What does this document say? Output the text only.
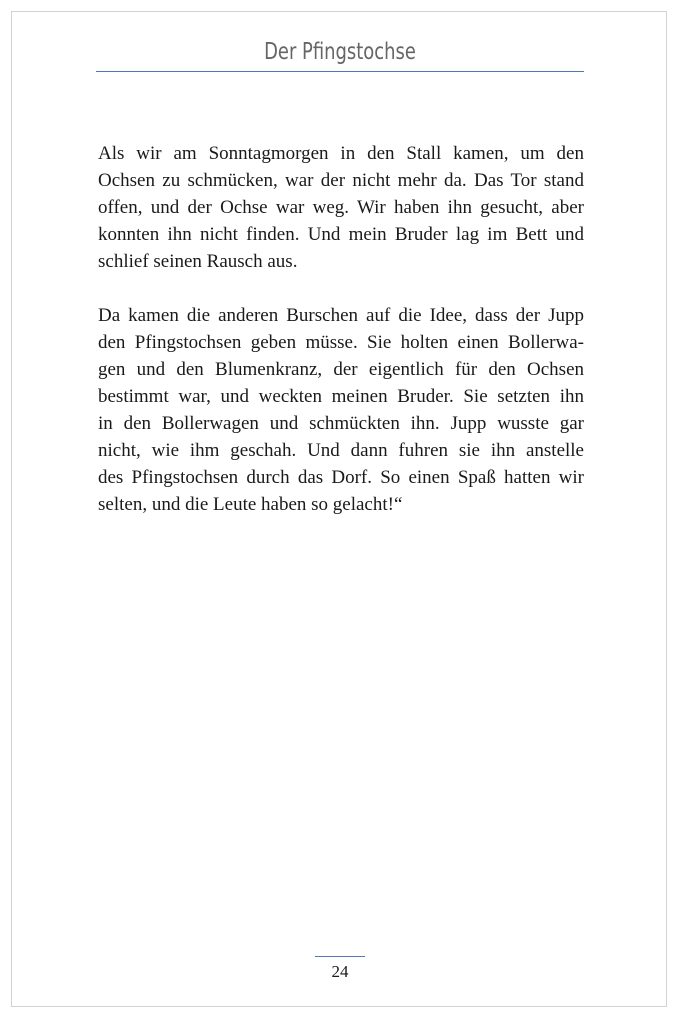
Der Pfingstochse

Als wir am Sonntagmorgen in den Stall kamen, um den
Ochsen zu schmücken, war der nicht mehr da. Das Tor stand
offen, und der Ochse war weg. Wir haben ihn gesucht, aber
konnten ihn nicht finden. Und mein Bruder lag im Bett und
schlief seinen Rausch aus.

Da kamen die anderen Burschen auf die Idee, dass der Jupp
den Pfingstochsen geben müsse. Sie holten einen Bollerwa-
gen und den Blumenkranz, der eigentlich für den Ochsen
bestimmt war, und weckten meinen Bruder. Sie setzten ihn
in den Bollerwagen und schmückten ihn. Jupp wusste gar
nicht, wie ihm geschah. Und dann fuhren sie ihn anstelle
des Pfingstochsen durch das Dorf. So einen Spaß hatten wir
selten, und die Leute haben so gelacht!“

24
